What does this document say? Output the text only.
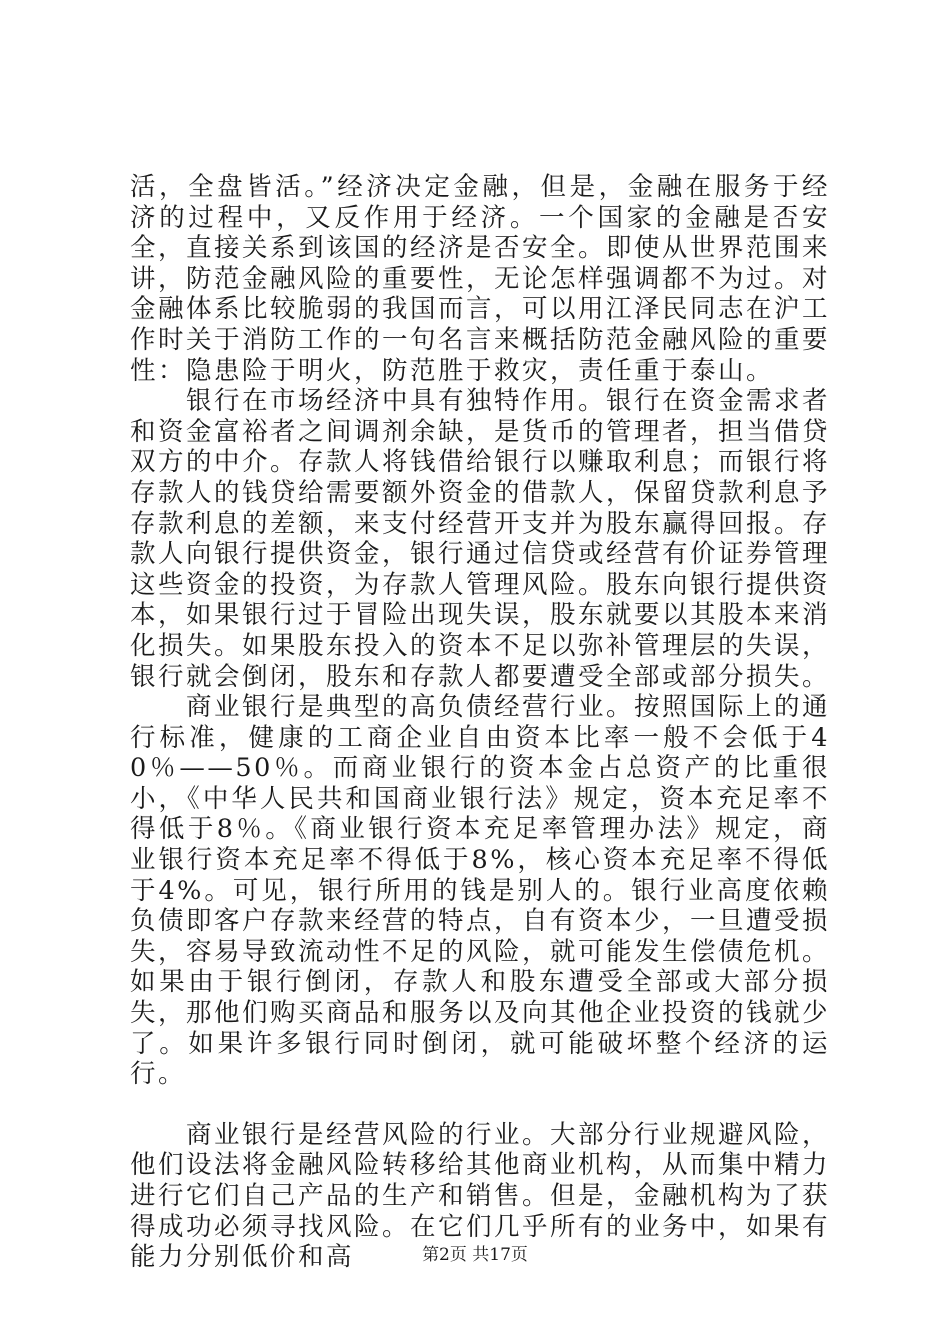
活，全盘皆活。”经济决定金融，但是，金融在服务于经济的过程中，又反作用于经济。一个国家的金融是否安全，直接关系到该国的经济是否安全。即使从世界范围来讲，防范金融风险的重要性，无论怎样强调都不为过。对金融体系比较脆弱的我国而言，可以用江泽民同志在沪工作时关于消防工作的一句名言来概括防范金融风险的重要性：隐患险于明火，防范胜于救灾，责任重于泰山。

银行在市场经济中具有独特作用。银行在资金需求者和资金富裕者之间调剂余缺，是货币的管理者，担当借贷双方的中介。存款人将钱借给银行以赚取利息；而银行将存款人的钱贷给需要额外资金的借款人，保留贷款利息予存款利息的差额，来支付经营开支并为股东赢得回报。存款人向银行提供资金，银行通过信贷或经营有价证券管理这些资金的投资，为存款人管理风险。股东向银行提供资本，如果银行过于冒险出现失误，股东就要以其股本来消化损失。如果股东投入的资本不足以弥补管理层的失误，银行就会倒闭，股东和存款人都要遭受全部或部分损失。

商业银行是典型的高负债经营行业。按照国际上的通行标准，健康的工商企业自由资本比率一般不会低于40％——50％。而商业银行的资本金占总资产的比重很小，《中华人民共和国商业银行法》规定，资本充足率不得低于8％。《商业银行资本充足率管理办法》规定，商业银行资本充足率不得低于8%，核心资本充足率不得低于4%。可见，银行所用的钱是别人的。银行业高度依赖负债即客户存款来经营的特点，自有资本少，一旦遭受损失，容易导致流动性不足的风险，就可能发生偿债危机。如果由于银行倒闭，存款人和股东遭受全部或大部分损失，那他们购买商品和服务以及向其他企业投资的钱就少了。如果许多银行同时倒闭，就可能破坏整个经济的运行。

商业银行是经营风险的行业。大部分行业规避风险，他们设法将金融风险转移给其他商业机构，从而集中精力进行它们自己产品的生产和销售。但是，金融机构为了获得成功必须寻找风险。在它们几乎所有的业务中，如果有能力分别低价和高	第2页 共17页
